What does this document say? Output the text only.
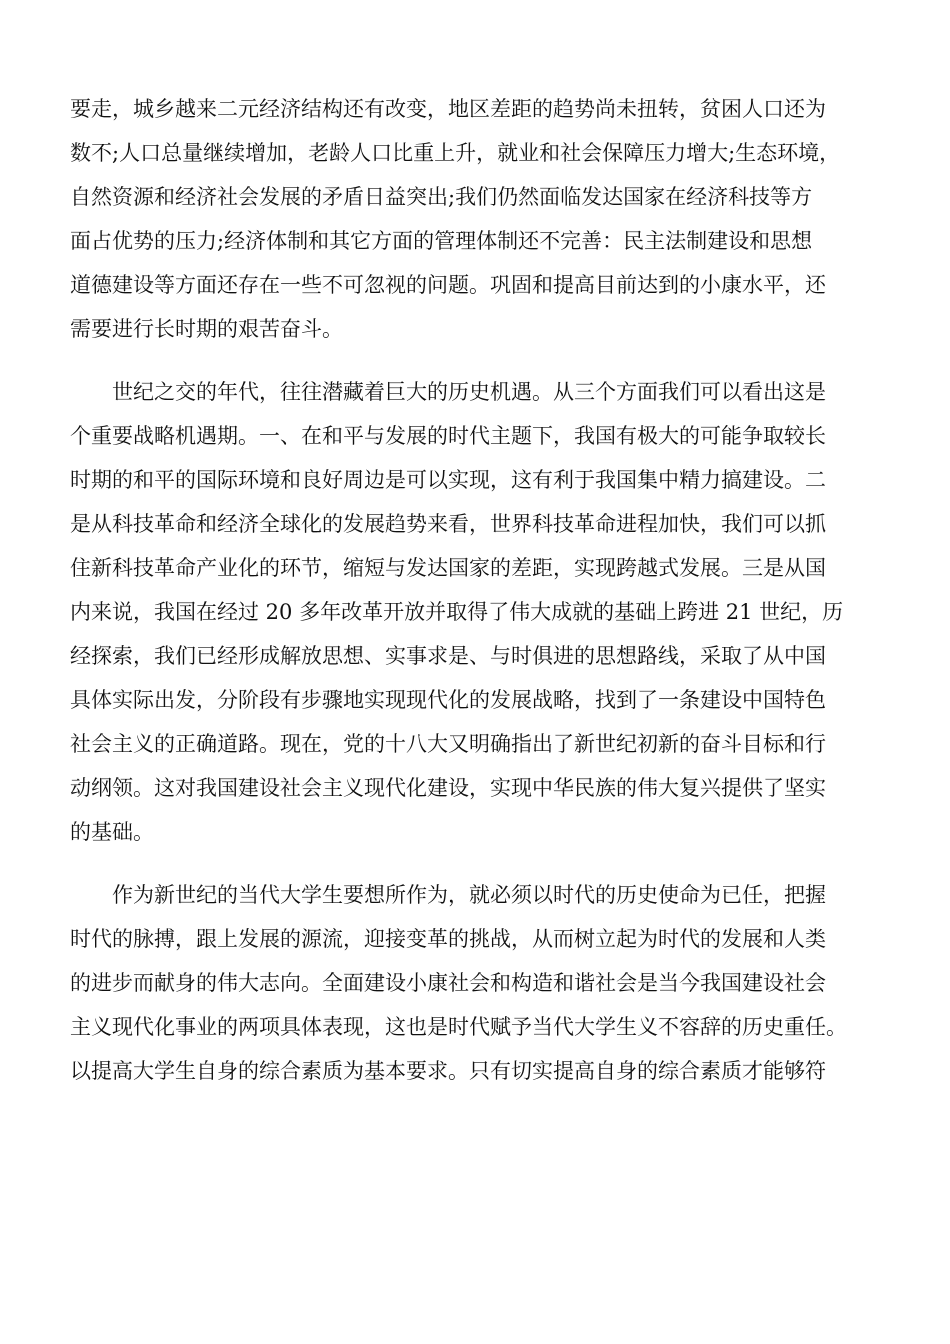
要走，城乡越来二元经济结构还有改变，地区差距的趋势尚未扭转，贫困人口还为
数不;人口总量继续增加，老龄人口比重上升，就业和社会保障压力增大;生态环境，
自然资源和经济社会发展的矛盾日益突出;我们仍然面临发达国家在经济科技等方
面占优势的压力;经济体制和其它方面的管理体制还不完善：民主法制建设和思想
道德建设等方面还存在一些不可忽视的问题。巩固和提高目前达到的小康水平，还
需要进行长时期的艰苦奋斗。
　　世纪之交的年代，往往潜藏着巨大的历史机遇。从三个方面我们可以看出这是
个重要战略机遇期。一、在和平与发展的时代主题下，我国有极大的可能争取较长
时期的和平的国际环境和良好周边是可以实现，这有利于我国集中精力搞建设。二
是从科技革命和经济全球化的发展趋势来看，世界科技革命进程加快，我们可以抓
住新科技革命产业化的环节，缩短与发达国家的差距，实现跨越式发展。三是从国
内来说，我国在经过 20 多年改革开放并取得了伟大成就的基础上跨进 21 世纪，历
经探索，我们已经形成解放思想、实事求是、与时俱进的思想路线，采取了从中国
具体实际出发，分阶段有步骤地实现现代化的发展战略，找到了一条建设中国特色
社会主义的正确道路。现在，党的十八大又明确指出了新世纪初新的奋斗目标和行
动纲领。这对我国建设社会主义现代化建设，实现中华民族的伟大复兴提供了坚实
的基础。
　　作为新世纪的当代大学生要想所作为，就必须以时代的历史使命为已任，把握
时代的脉搏，跟上发展的源流，迎接变革的挑战，从而树立起为时代的发展和人类
的进步而献身的伟大志向。全面建设小康社会和构造和谐社会是当今我国建设社会
主义现代化事业的两项具体表现，这也是时代赋予当代大学生义不容辞的历史重任。
以提高大学生自身的综合素质为基本要求。只有切实提高自身的综合素质才能够符
